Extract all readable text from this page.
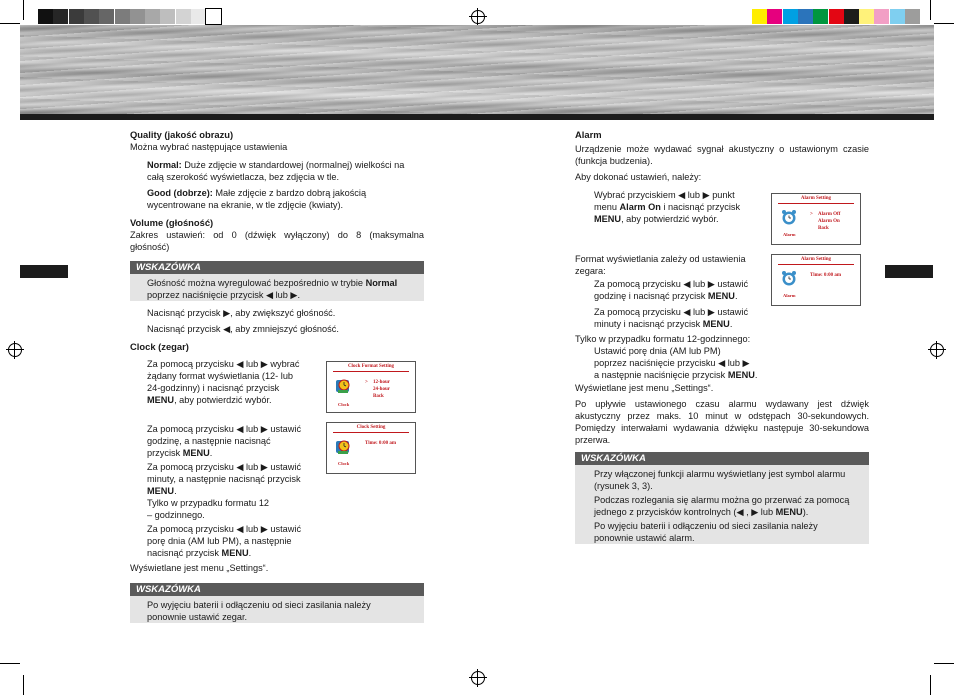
Quality (jakość obrazu)
Można wybrać następujące ustawienia
Normal: Duże zdjęcie w standardowej (normalnej) wielkości na
całą szerokość wyświetlacza, bez zdjęcia w tle.
Good (dobrze): Małe zdjęcie z bardzo dobrą jakością
wycentrowane na ekranie, w tle zdjęcie (kwiaty).
Volume (głośność)
Zakres ustawień: od 0 (dźwięk wyłączony) do 8 (maksymalna
głośność)
WSKAZÓWKA
Głośność można wyregulować bezpośrednio w trybie Normal
poprzez naciśnięcie przycisk ◀ lub ▶.
Nacisnąć przycisk ▶, aby zwiększyć głośność.
Nacisnąć przycisk ◀, aby zmniejszyć głośność.
Clock (zegar)
Za pomocą przycisku ◀ lub ▶ wybrać
żądany format wyświetlania (12- lub
24-godzinny) i nacisnąć przycisk
MENU, aby potwierdzić wybór.
Clock Format Setting
> 12-hour
24-hour
Back
Clock
Za pomocą przycisku ◀ lub ▶ ustawić
godzinę, a następnie nacisnąć
przycisk MENU.
Clock Setting
Time: 0:00 am
Clock
Za pomocą przycisku ◀ lub ▶ ustawić
minuty, a następnie nacisnąć przycisk
MENU.
Tylko w przypadku formatu 12
– godzinnego.
Za pomocą przycisku ◀ lub ▶ ustawić
porę dnia (AM lub PM), a następnie
nacisnąć przycisk MENU.
Wyświetlane jest menu „Settings“.
WSKAZÓWKA
Po wyjęciu baterii i odłączeniu od sieci zasilania należy
ponownie ustawić zegar.
Alarm
Urządzenie może wydawać sygnał akustyczny o ustawionym czasie
(funkcja budzenia).
Aby dokonać ustawień, należy:
Wybrać przyciskiem ◀ lub ▶ punkt
menu Alarm On i nacisnąć przycisk
MENU, aby potwierdzić wybór.
Alarm Setting
> Alarm Off
Alarm On
Back
Alarm
Format wyświetlania zależy od ustawienia
zegara:
Za pomocą przycisku ◀ lub ▶ ustawić
godzinę i nacisnąć przycisk MENU.
Alarm Setting
Time: 0:00 am
Alarm
Za pomocą przycisku ◀ lub ▶ ustawić
minuty i nacisnąć przycisk MENU.
Tylko w przypadku formatu 12-godzinnego:
Ustawić porę dnia (AM lub PM)
poprzez naciśnięcie przycisku ◀ lub ▶
a następnie naciśnięcie przycisk MENU.
Wyświetlane jest menu „Settings“.
Po upływie ustawionego czasu alarmu wydawany jest dźwięk
akustyczny przez maks. 10 minut w odstępach 30-sekundowych.
Pomiędzy interwałami wydawania dźwięku następuje 30-sekundowa
przerwa.
WSKAZÓWKA
Przy włączonej funkcji alarmu wyświetlany jest symbol alarmu
(rysunek 3, 3).
Podczas rozlegania się alarmu można go przerwać za pomocą
jednego z przycisków kontrolnych (◀ , ▶ lub MENU).
Po wyjęciu baterii i odłączeniu od sieci zasilania należy
ponownie ustawić alarm.
